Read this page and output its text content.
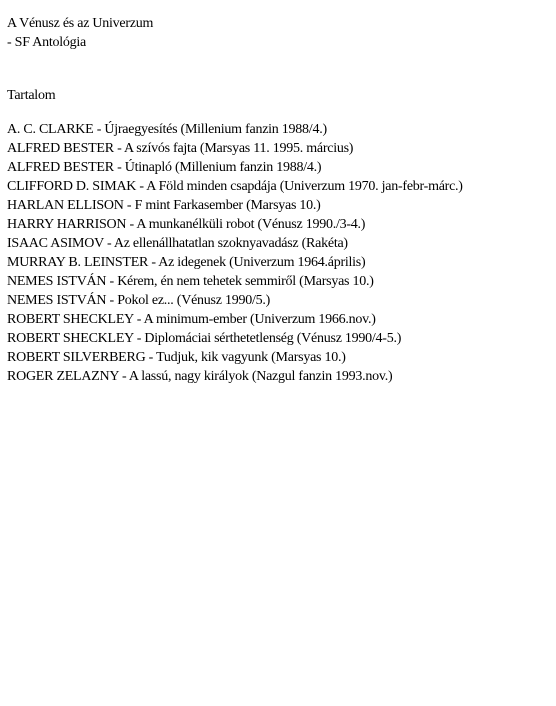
A Vénusz és az Univerzum
- SF Antológia
Tartalom
A. C. CLARKE - Újraegyesítés (Millenium fanzin 1988/4.)
ALFRED BESTER - A szívós fajta (Marsyas 11. 1995. március)
ALFRED BESTER - Útinapló (Millenium fanzin 1988/4.)
CLIFFORD D. SIMAK - A Föld minden csapdája (Univerzum 1970. jan-febr-márc.)
HARLAN ELLISON - F mint Farkasember (Marsyas 10.)
HARRY HARRISON - A munkanélküli robot (Vénusz 1990./3-4.)
ISAAC ASIMOV - Az ellenállhatatlan szoknyavadász (Rakéta)
MURRAY B. LEINSTER - Az idegenek (Univerzum 1964.április)
NEMES ISTVÁN - Kérem, én nem tehetek semmiről (Marsyas 10.)
NEMES ISTVÁN - Pokol ez... (Vénusz 1990/5.)
ROBERT SHECKLEY - A minimum-ember (Univerzum 1966.nov.)
ROBERT SHECKLEY - Diplomáciai sérthetetlenség (Vénusz 1990/4-5.)
ROBERT SILVERBERG - Tudjuk, kik vagyunk (Marsyas 10.)
ROGER ZELAZNY - A lassú, nagy királyok (Nazgul fanzin 1993.nov.)
